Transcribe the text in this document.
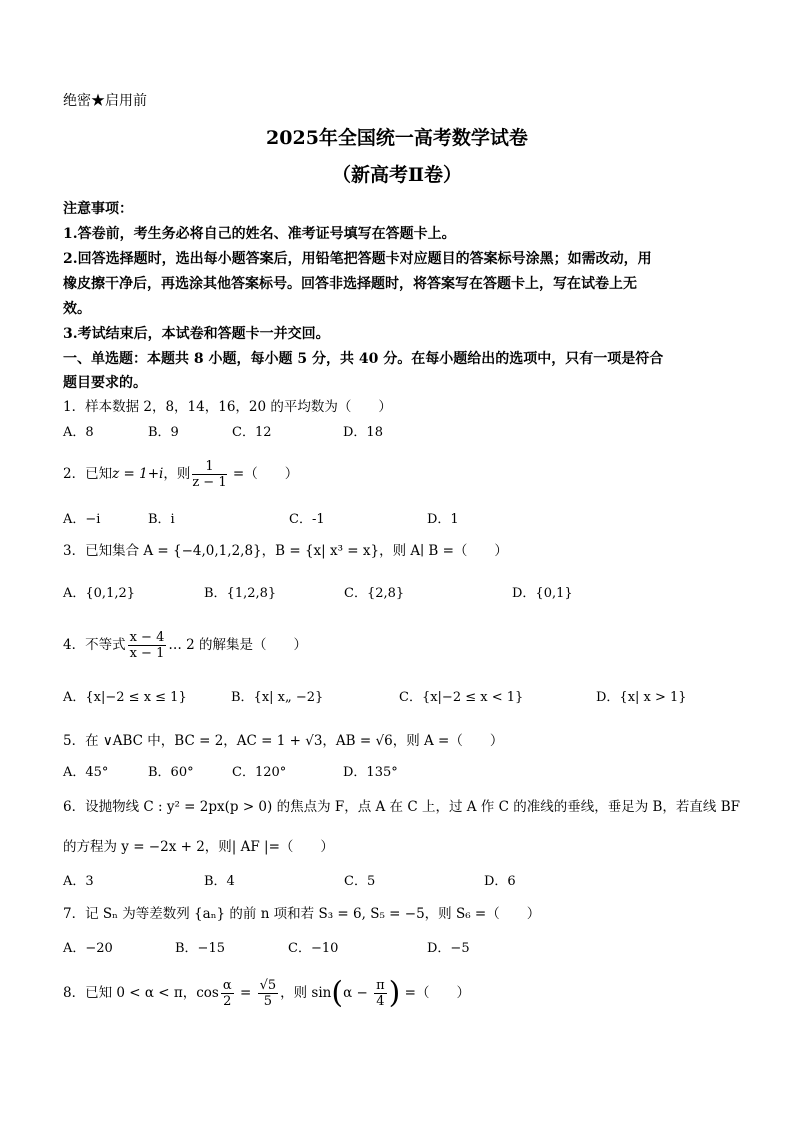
绝密★启用前
2025年全国统一高考数学试卷
（新高考Ⅱ卷）
注意事项：
1.答卷前，考生务必将自己的姓名、准考证号填写在答题卡上。
2.回答选择题时，选出每小题答案后，用铅笔把答题卡对应题目的答案标号涂黑；如需改动，用
橡皮擦干净后，再选涂其他答案标号。回答非选择题时，将答案写在答题卡上，写在试卷上无
效。
3.考试结束后，本试卷和答题卡一并交回。
一、单选题：本题共 8 小题，每小题 5 分，共 40 分。在每小题给出的选项中，只有一项是符合
题目要求的。
1．样本数据 2，8，14，16，20 的平均数为（　　）
A．8	B．9	C．12	D．18
2．已知z = 1+i，则 $\frac{1}{z - 1}$ =（　　）
A．−i	B．i	C．-1	D．1
3．已知集合 A = {−4,0,1,2,8}，B = {x| x³ = x}，则 A∣ B =（　　）
A．{0,1,2}	B．{1,2,8}	C．{2,8}	D．{0,1}
4．不等式 $\frac{x - 4}{x - 1}$ … 2 的解集是（　　）
A．{x|−2 ≤ x ≤ 1}	B．{x| x„ −2}	C．{x|−2 ≤ x < 1}	D．{x| x > 1}
5．在 ∨ABC 中，BC = 2，AC = 1 + √3，AB = √6，则 A =（　　）
A．45°	B．60°	C．120°	D．135°
6．设抛物线 C : y² = 2px(p > 0) 的焦点为 F，点 A 在 C 上，过 A 作 C 的准线的垂线，垂足为 B，若直线 BF
的方程为 y = −2x + 2，则| AF |=（　　）
A．3	B．4	C．5	D．6
7．记 Sₙ 为等差数列 {aₙ} 的前 n 项和若 S₃ = 6, S₅ = −5，则 S₆ =（　　）
A．−20	B．−15	C．−10	D．−5
8．已知 0 < α < π，$\cos \frac{\alpha}{2} = \frac{√5}{5}$ ，则 $\sin(\alpha - \frac{\pi}{4}$ ) =（　　）
